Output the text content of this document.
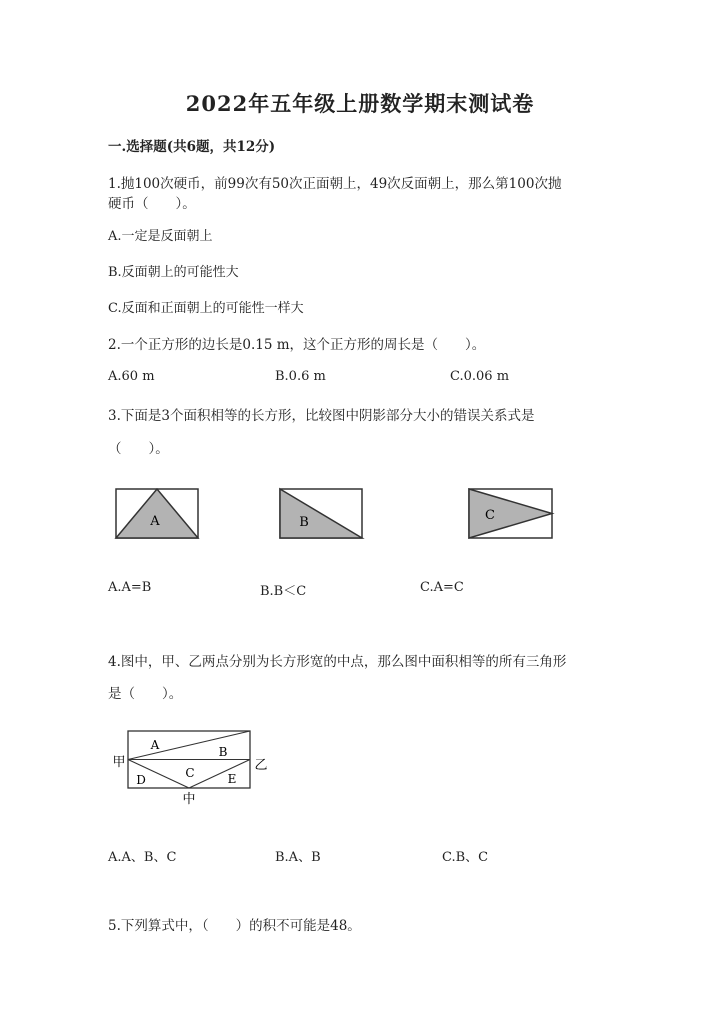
2022年五年级上册数学期末测试卷
一.选择题(共6题，共12分)
1.抛100次硬币，前99次有50次正面朝上，49次反面朝上，那么第100次抛
硬币（　　）。
A.一定是反面朝上
B.反面朝上的可能性大
C.反面和正面朝上的可能性一样大
2.一个正方形的边长是0.15 m，这个正方形的周长是（　　）。
A.60 m	B.0.6 m	C.0.06 m
3.下面是3个面积相等的长方形，比较图中阴影部分大小的错误关系式是
（　　）。
A	B	C
A.A=B	B.B＜C	C.A=C
4.图中，甲、乙两点分别为长方形宽的中点，那么图中面积相等的所有三角形
是（　　）。
A	B
C
D	E
甲	乙
中
A.A、B、C	B.A、B	C.B、C
5.下列算式中，（　　）的积不可能是48。
